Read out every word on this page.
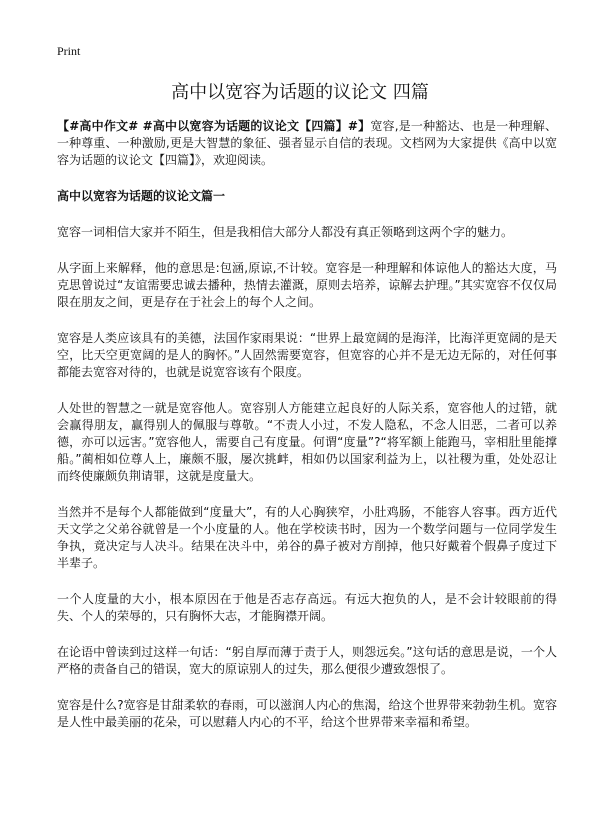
Print
高中以宽容为话题的议论文 四篇

【#高中作文# #高中以宽容为话题的议论文【四篇】#】宽容,是一种豁达、也是一种理解、一种尊重、一种激励,更是大智慧的象征、强者显示自信的表现。文档网为大家提供《高中以宽容为话题的议论文【四篇】》，欢迎阅读。

高中以宽容为话题的议论文篇一

宽容一词相信大家并不陌生，但是我相信大部分人都没有真正领略到这两个字的魅力。

从字面上来解释，他的意思是:包涵,原谅,不计较。宽容是一种理解和体谅他人的豁达大度，马克思曾说过“友谊需要忠诚去播种，热情去灌溉，原则去培养，谅解去护理。”其实宽容不仅仅局限在朋友之间，更是存在于社会上的每个人之间。

宽容是人类应该具有的美德，法国作家雨果说：“世界上最宽阔的是海洋，比海洋更宽阔的是天空，比天空更宽阔的是人的胸怀。”人固然需要宽容，但宽容的心并不是无边无际的，对任何事都能去宽容对待的，也就是说宽容该有个限度。

人处世的智慧之一就是宽容他人。宽容别人方能建立起良好的人际关系，宽容他人的过错，就会赢得朋友，赢得别人的佩服与尊敬。“不责人小过，不发人隐私，不念人旧恶，二者可以养德，亦可以远害。”宽容他人，需要自己有度量。何谓“度量”?“将军额上能跑马，宰相肚里能撑船。”蔺相如位尊人上，廉颇不服，屡次挑衅，相如仍以国家利益为上，以社稷为重，处处忍让而终使廉颇负荆请罪，这就是度量大。

当然并不是每个人都能做到“度量大”，有的人心胸狭窄，小肚鸡肠，不能容人容事。西方近代天文学之父弟谷就曾是一个小度量的人。他在学校读书时，因为一个数学问题与一位同学发生争执，竟决定与人决斗。结果在决斗中，弟谷的鼻子被对方削掉，他只好戴着个假鼻子度过下半辈子。

一个人度量的大小，根本原因在于他是否志存高远。有远大抱负的人，是不会计较眼前的得失、个人的荣辱的，只有胸怀大志，才能胸襟开阔。

在论语中曾读到过这样一句话：“躬自厚而薄于责于人，则怨远矣。”这句话的意思是说，一个人严格的责备自己的错误，宽大的原谅别人的过失，那么便很少遭致怨恨了。

宽容是什么?宽容是甘甜柔软的春雨，可以滋润人内心的焦渴，给这个世界带来勃勃生机。宽容是人性中最美丽的花朵，可以慰藉人内心的不平，给这个世界带来幸福和希望。
